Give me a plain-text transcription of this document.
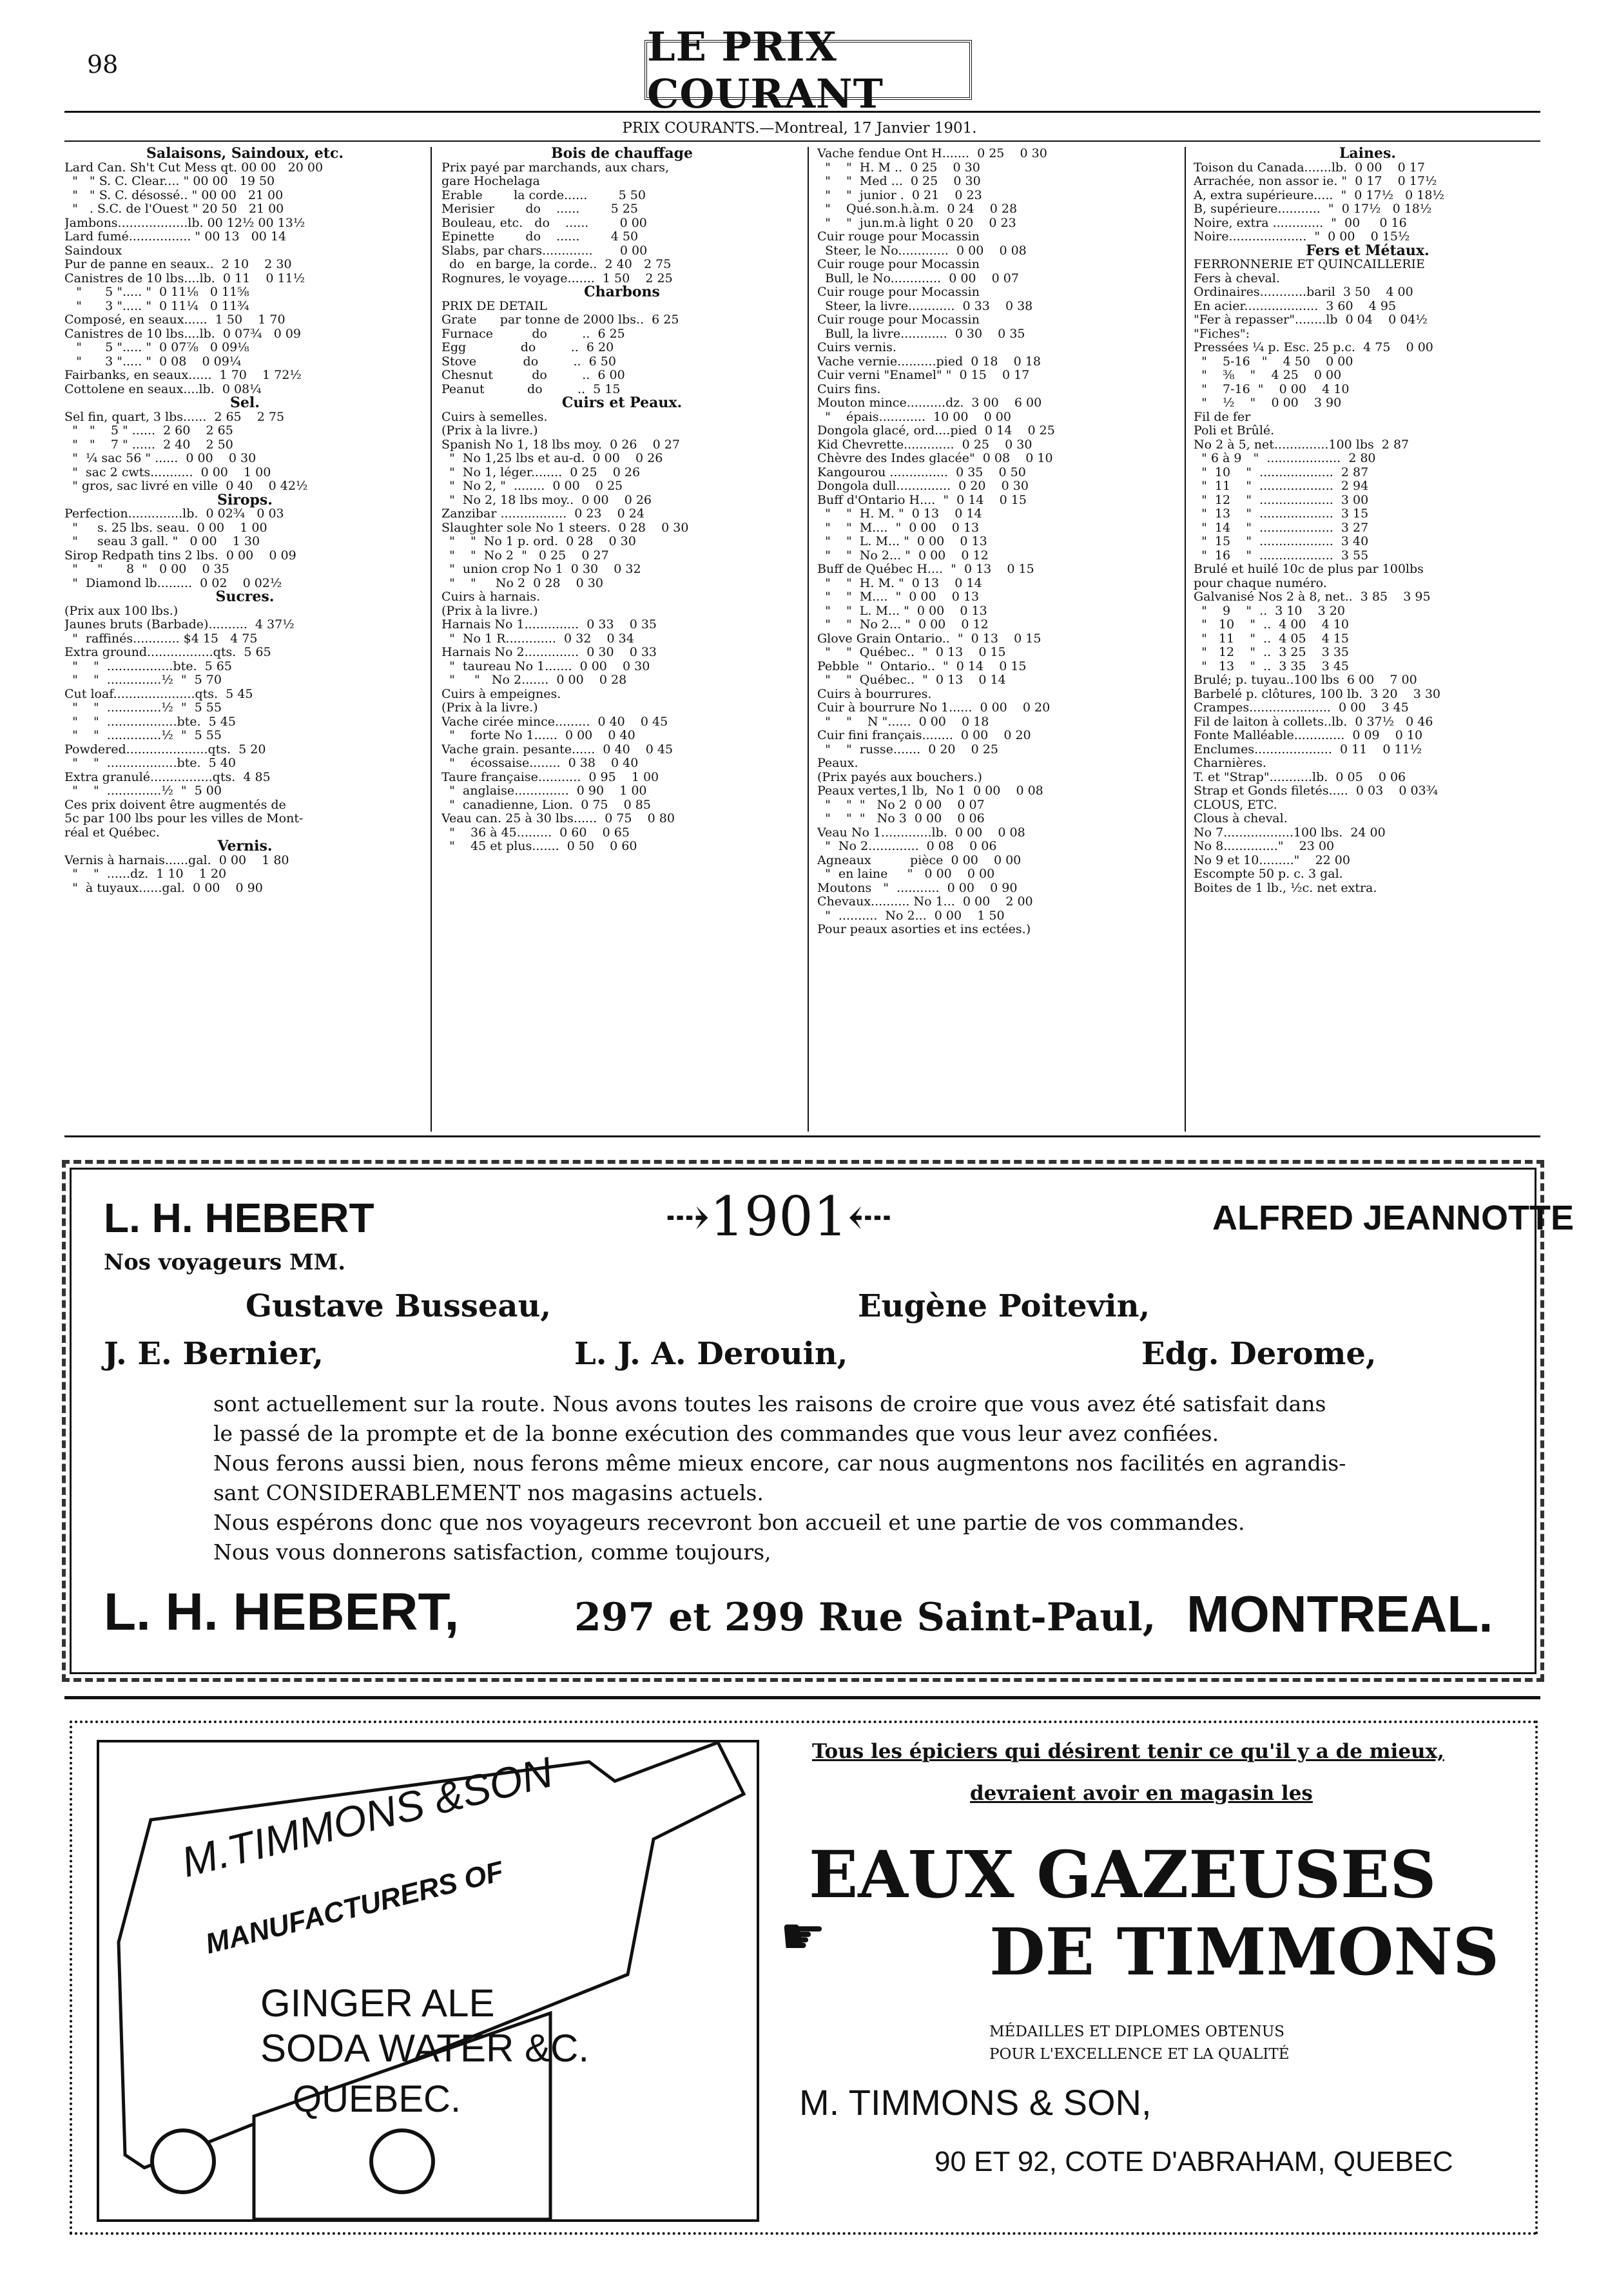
98	LE PRIX COURANT
PRIX COURANTS.—Montreal, 17 Janvier 1901.
Salaisons, Saindoux, etc.
Lard Can. Sh't Cut Mess qt. 00 00   20 00
"   " S. C. Clear.... " 00 00   19 50
"   " S. C. désossé.. " 00 00   21 00
"   . S.C. de l'Ouest " 20 50   21 00
Jambons..................lb. 00 12½ 00 13½
Lard fumé................ " 00 13   00 14
Saindoux
Pur de panne en seaux..  2 10    2 30
Canistres de 10 lbs....lb.  0 11    0 11½
"      5 "..... "  0 11⅛   0 11⅝
"      3 "..... "  0 11¼   0 11¾
Composé, en seaux......  1 50    1 70
Canistres de 10 lbs....lb.  0 07¾   0 09
"      5 "..... "  0 07⅞   0 09⅛
"      3 "..... "  0 08    0 09¼
Fairbanks, en seaux......  1 70    1 72½
Cottolene en seaux....lb.  0 08¼
Sel.
Sel fin, quart, 3 lbs......  2 65    2 75
"   "    5 " ......  2 60    2 65
"   "    7 " ......  2 40    2 50
"  ¼ sac 56 " ......  0 00    0 30
"  sac 2 cwts...........  0 00    1 00
" gros, sac livré en ville  0 40    0 42½
Sirops.
Perfection..............lb.  0 02¾   0 03
"     s. 25 lbs. seau.  0 00    1 00
"     seau 3 gall. "   0 00    1 30
Sirop Redpath tins 2 lbs.  0 00    0 09
"     "      8  "   0 00    0 35
"  Diamond lb.........  0 02    0 02½
Sucres.
(Prix aux 100 lbs.)
Jaunes bruts (Barbade)..........  4 37½
"  raffinés............ $4 15   4 75
Extra ground.................qts.  5 65
"    "  .................bte.  5 65
"    "  ..............½  "  5 70
Cut loaf.....................qts.  5 45
"    "  ..............½  "  5 55
"    "  ..................bte.  5 45
"    "  ..............½  "  5 55
Powdered.....................qts.  5 20
"    "  ..................bte.  5 40
Extra granulé................qts.  4 85
"    "  ..............½  "  5 00
Ces prix doivent être augmentés de
5c par 100 lbs pour les villes de Mont-
réal et Québec.
Vernis.
Vernis à harnais......gal.  0 00    1 80
"    "  ......dz.  1 10    1 20
"  à tuyaux......gal.  0 00    0 90
Bois de chauffage
Prix payé par marchands, aux chars,
gare Hochelaga
Erable        la corde......        5 50
Merisier        do    ......        5 25
Bouleau, etc.   do    ......        0 00
Epinette        do    ......        4 50
Slabs, par chars.............       0 00
do   en barge, la corde..  2 40   2 75
Rognures, le voyage.......  1 50    2 25
Charbons
PRIX DE DETAIL
Grate      par tonne de 2000 lbs..  6 25
Furnace          do         ..  6 25
Egg              do         ..  6 20
Stove            do         ..  6 50
Chesnut          do         ..  6 00
Peanut           do         ..  5 15
Cuirs et Peaux.
Cuirs à semelles.
(Prix à la livre.)
Spanish No 1, 18 lbs moy.  0 26    0 27
"  No 1,25 lbs et au-d.  0 00    0 26
"  No 1, léger........  0 25    0 26
"  No 2, "  ........  0 00    0 25
"  No 2, 18 lbs moy..  0 00    0 26
Zanzibar .................  0 23    0 24
Slaughter sole No 1 steers.  0 28    0 30
"    "  No 1 p. ord.  0 28    0 30
"    "  No 2  "   0 25    0 27
"  union crop No 1  0 30    0 32
"    "     No 2  0 28    0 30
Cuirs à harnais.
(Prix à la livre.)
Harnais No 1..............  0 33    0 35
"  No 1 R.............  0 32    0 34
Harnais No 2..............  0 30    0 33
"  taureau No 1.......  0 00    0 30
"     "   No 2.......  0 00    0 28
Cuirs à empeignes.
(Prix à la livre.)
Vache cirée mince.........  0 40    0 45
"    forte No 1......  0 00    0 40
Vache grain. pesante......  0 40    0 45
"    écossaise........  0 38    0 40
Taure française...........  0 95    1 00
"  anglaise..............  0 90    1 00
"  canadienne, Lion.  0 75    0 85
Veau can. 25 à 30 lbs......  0 75    0 80
"    36 à 45.........  0 60    0 65
"    45 et plus.......  0 50    0 60
Vache fendue Ont H.......  0 25    0 30
"    "  H. M ..  0 25    0 30
"    "  Med ...  0 25    0 30
"    "  junior .  0 21    0 23
"    Qué.son.h.à.m.  0 24    0 28
"    "  jun.m.à light  0 20    0 23
Cuir rouge pour Mocassin
Steer, le No.............  0 00    0 08
Cuir rouge pour Mocassin
Bull, le No.............  0 00    0 07
Cuir rouge pour Mocassin
Steer, la livre............  0 33    0 38
Cuir rouge pour Mocassin
Bull, la livre............  0 30    0 35
Cuirs vernis.
Vache vernie..........pied  0 18    0 18
Cuir verni "Enamel" "  0 15    0 17
Cuirs fins.
Mouton mince..........dz.  3 00    6 00
"    épais............  10 00    0 00
Dongola glacé, ord....pied  0 14    0 25
Kid Chevrette.............  0 25    0 30
Chèvre des Indes glacée"  0 08    0 10
Kangourou ...............  0 35    0 50
Dongola dull..............  0 20    0 30
Buff d'Ontario H....  "  0 14    0 15
"    "  H. M. "  0 13    0 14
"    "  M....  "  0 00    0 13
"    "  L. M... "  0 00    0 13
"    "  No 2... "  0 00    0 12
Buff de Québec H....  "  0 13    0 15
"    "  H. M. "  0 13    0 14
"    "  M....  "  0 00    0 13
"    "  L. M... "  0 00    0 13
"    "  No 2... "  0 00    0 12
Glove Grain Ontario..  "  0 13    0 15
"    "  Québec..  "  0 13    0 15
Pebble  "  Ontario..  "  0 14    0 15
"    "  Québec..  "  0 13    0 14
Cuirs à bourrures.
Cuir à bourrure No 1......  0 00    0 20
"    "    N "......  0 00    0 18
Cuir fini français........  0 00    0 20
"    "  russe.......  0 20    0 25
Peaux.
(Prix payés aux bouchers.)
Peaux vertes,1 lb,  No 1  0 00    0 08
"    "  "   No 2  0 00    0 07
"    "  "   No 3  0 00    0 06
Veau No 1.............lb.  0 00    0 08
"  No 2.............  0 08    0 06
Agneaux          pièce  0 00    0 00
"  en laine     "   0 00    0 00
Moutons   "  ...........  0 00    0 90
Chevaux.......... No 1...  0 00    2 00
"  ..........  No 2...  0 00    1 50
Pour peaux asorties et ins ectées.)
Laines.
Toison du Canada.......lb.  0 00    0 17
Arrachée, non assor ie. "  0 17    0 17½
A, extra supérieure.....  "  0 17½   0 18½
B, supérieure...........  "  0 17½   0 18½
Noire, extra .............  "  00     0 16
Noire....................  "  0 00    0 15½
Fers et Métaux.
FERRONNERIE ET QUINCAILLERIE
Fers à cheval.
Ordinaires............baril  3 50    4 00
En acier...................  3 60    4 95
"Fer à repasser"........lb  0 04    0 04½
"Fiches":
Pressées ¼ p. Esc. 25 p.c.  4 75    0 00
"    5-16   "    4 50    0 00
"    ⅜    "    4 25    0 00
"    7-16  "    0 00    4 10
"    ½    "    0 00    3 90
Fil de fer
Poli et Brûlé.
No 2 à 5, net..............100 lbs  2 87
" 6 à 9   "  ...................  2 80
"  10    "  ...................  2 87
"  11    "  ...................  2 94
"  12    "  ...................  3 00
"  13    "  ...................  3 15
"  14    "  ...................  3 27
"  15    "  ...................  3 40
"  16    "  ...................  3 55
Brulé et huilé 10c de plus par 100lbs
pour chaque numéro.
Galvanisé Nos 2 à 8, net..  3 85    3 95
"    9    "  ..  3 10    3 20
"   10    "  ..  4 00    4 10
"   11    "  ..  4 05    4 15
"   12    "  ..  3 25    3 35
"   13    "  ..  3 35    3 45
Brulé; p. tuyau..100 lbs  6 00    7 00
Barbelé p. clôtures, 100 lb.  3 20    3 30
Crampes.....................  0 00    3 45
Fil de laiton à collets..lb.  0 37½   0 46
Fonte Malléable.............  0 09    0 10
Enclumes....................  0 11    0 11½
Charnières.
T. et "Strap"...........lb.  0 05    0 06
Strap et Gonds filetés.....  0 03    0 03¾
CLOUS, ETC.
Clous à cheval.
No 7..................100 lbs.  24 00
No 8.............."    23 00
No 9 et 10........."    22 00
Escompte 50 p. c. 3 gal.
Boites de 1 lb., ½c. net extra.
L. H. HEBERT	⇢1901⇠	ALFRED JEANNOTTE
Nos voyageurs MM.
Gustave Busseau,	Eugène Poitevin,
J. E. Bernier,	L. J. A. Derouin,	Edg. Derome,
sont actuellement sur la route. Nous avons toutes les raisons de croire que vous avez été satisfait dans
le passé de la prompte et de la bonne exécution des commandes que vous leur avez confiées.
Nous ferons aussi bien, nous ferons même mieux encore, car nous augmentons nos facilités en agrandis-
sant CONSIDERABLEMENT nos magasins actuels.
Nous espérons donc que nos voyageurs recevront bon accueil et une partie de vos commandes.
Nous vous donnerons satisfaction, comme toujours,
L. H. HEBERT,	297 et 299 Rue Saint-Paul, MONTREAL.
M.TIMMONS &SON
MANUFACTURERS OF
GINGER ALE
SODA WATER &C.
QUEBEC.
Tous les épiciers qui désirent tenir ce qu'il y a de mieux,
devraient avoir en magasin les
EAUX GAZEUSES
☛	DE TIMMONS
MÉDAILLES ET DIPLOMES OBTENUS
POUR L'EXCELLENCE ET LA QUALITÉ
M. TIMMONS & SON,
90 ET 92, COTE D'ABRAHAM, QUEBEC
